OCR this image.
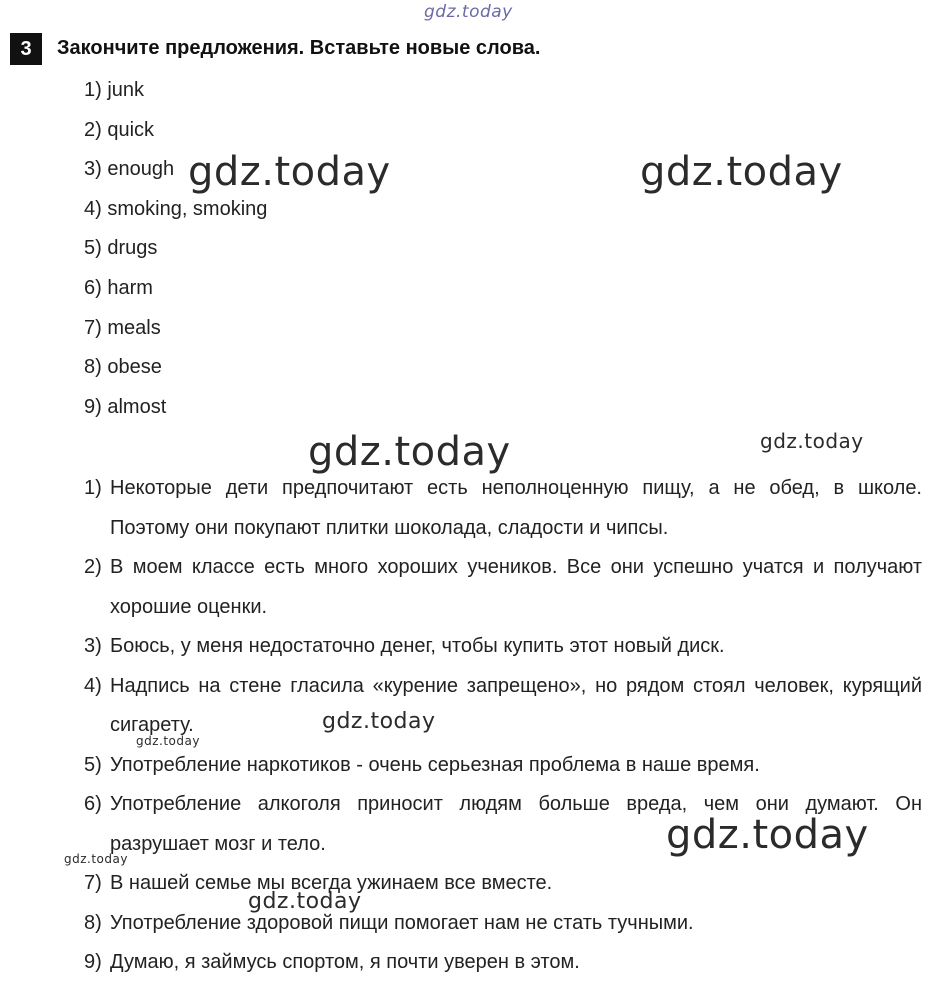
gdz.today
3	Закончите предложения. Вставьте новые слова.
1) junk
2) quick
3) enough
4) smoking, smoking
5) drugs
6) harm
7) meals
8) obese
9) almost
1) Некоторые дети предпочитают есть неполноценную пищу, а не обед, в школе. Поэтому они покупают плитки шоколада, сладости и чипсы.
2) В моем классе есть много хороших учеников. Все они успешно учатся и получают хорошие оценки.
3) Боюсь, у меня недостаточно денег, чтобы купить этот новый диск.
4) Надпись на стене гласила «курение запрещено», но рядом стоял человек, курящий сигарету.
5) Употребление наркотиков - очень серьезная проблема в наше время.
6) Употребление алкоголя приносит людям больше вреда, чем они думают. Он разрушает мозг и тело.
7) В нашей семье мы всегда ужинаем все вместе.
8) Употребление здоровой пищи помогает нам не стать тучными.
9) Думаю, я займусь спортом, я почти уверен в этом.
gdz.today	gdz.today
gdz.today	gdz.today
gdz.today
gdz.today
gdz.today
gdz.today
gdz.today
